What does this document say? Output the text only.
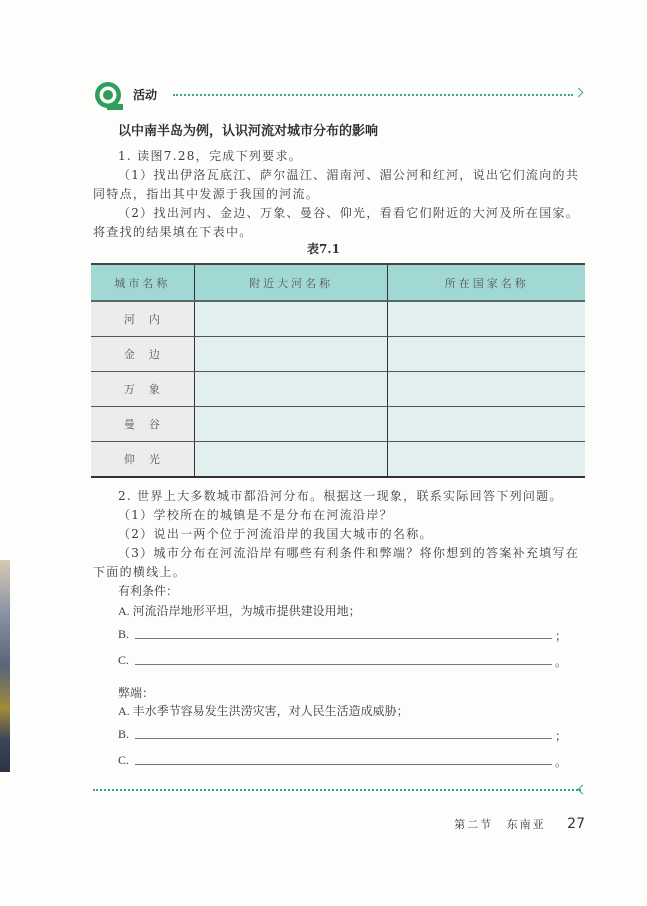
活动
以中南半岛为例，认识河流对城市分布的影响
1. 读图7.28，完成下列要求。
（1）找出伊洛瓦底江、萨尔温江、湄南河、湄公河和红河，说出它们流向的共同特点，指出其中发源于我国的河流。
（2）找出河内、金边、万象、曼谷、仰光，看看它们附近的大河及所在国家。将查找的结果填在下表中。
表7.1
城市名称	附近大河名称	所在国家名称
河内		
金边		
万象		
曼谷		
仰光		
2. 世界上大多数城市都沿河分布。根据这一现象，联系实际回答下列问题。
（1）学校所在的城镇是不是分布在河流沿岸？
（2）说出一两个位于河流沿岸的我国大城市的名称。
（3）城市分布在河流沿岸有哪些有利条件和弊端？将你想到的答案补充填写在下面的横线上。
有利条件：
A. 河流沿岸地形平坦，为城市提供建设用地；
B.	；
C.	。
弊端：
A. 丰水季节容易发生洪涝灾害，对人民生活造成威胁；
B.	；
C.	。
第二节 东南亚 27
